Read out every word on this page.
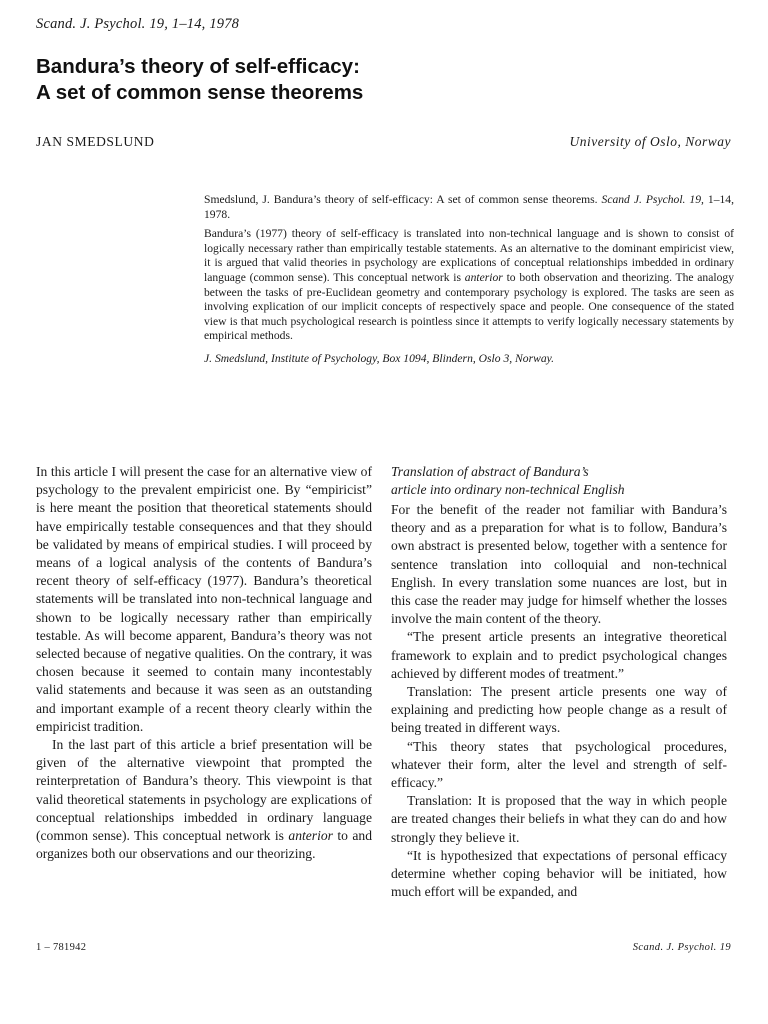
Scand. J. Psychol. 19, 1–14, 1978
Bandura’s theory of self-efficacy:
A set of common sense theorems
JAN SMEDSLUND	University of Oslo, Norway

Smedslund, J. Bandura’s theory of self-efficacy: A set of common sense theorems. Scand J. Psychol. 19, 1–14, 1978.

Bandura’s (1977) theory of self-efficacy is translated into non-technical language and is shown to consist of logically necessary rather than empirically testable statements. As an alternative to the dominant empiricist view, it is argued that valid theories in psychology are explications of conceptual relationships imbedded in ordinary language (common sense). This conceptual network is anterior to both observation and theorizing. The analogy between the tasks of pre-Euclidean geometry and contemporary psychology is explored. The tasks are seen as involving explication of our implicit concepts of respectively space and people. One consequence of the stated view is that much psychological research is pointless since it attempts to verify logically necessary statements by empirical methods.

J. Smedslund, Institute of Psychology, Box 1094, Blindern, Oslo 3, Norway.

In this article I will present the case for an alternative view of psychology to the prevalent empiricist one. By “empiricist” is here meant the position that theoretical statements should have empirically testable consequences and that they should be validated by means of empirical studies. I will proceed by means of a logical analysis of the contents of Bandura’s recent theory of self-efficacy (1977). Bandura’s theoretical statements will be translated into non-technical language and shown to be logically necessary rather than empirically testable. As will become apparent, Bandura’s theory was not selected because of negative qualities. On the contrary, it was chosen because it seemed to contain many incontestably valid statements and because it was seen as an outstanding and important example of a recent theory clearly within the empiricist tradition.

In the last part of this article a brief presentation will be given of the alternative viewpoint that prompted the reinterpretation of Bandura’s theory. This viewpoint is that valid theoretical statements in psychology are explications of conceptual relationships imbedded in ordinary language (common sense). This conceptual network is anterior to and organizes both our observations and our theorizing.

Translation of abstract of Bandura’s
article into ordinary non-technical English

For the benefit of the reader not familiar with Bandura’s theory and as a preparation for what is to follow, Bandura’s own abstract is presented below, together with a sentence for sentence translation into colloquial and non-technical English. In every translation some nuances are lost, but in this case the reader may judge for himself whether the losses involve the main content of the theory.

“The present article presents an integrative theoretical framework to explain and to predict psychological changes achieved by different modes of treatment.”

Translation: The present article presents one way of explaining and predicting how people change as a result of being treated in different ways.

“This theory states that psychological procedures, whatever their form, alter the level and strength of self-efficacy.”

Translation: It is proposed that the way in which people are treated changes their beliefs in what they can do and how strongly they believe it.

“It is hypothesized that expectations of personal efficacy determine whether coping behavior will be initiated, how much effort will be expanded, and

1 – 781942	Scand. J. Psychol. 19
